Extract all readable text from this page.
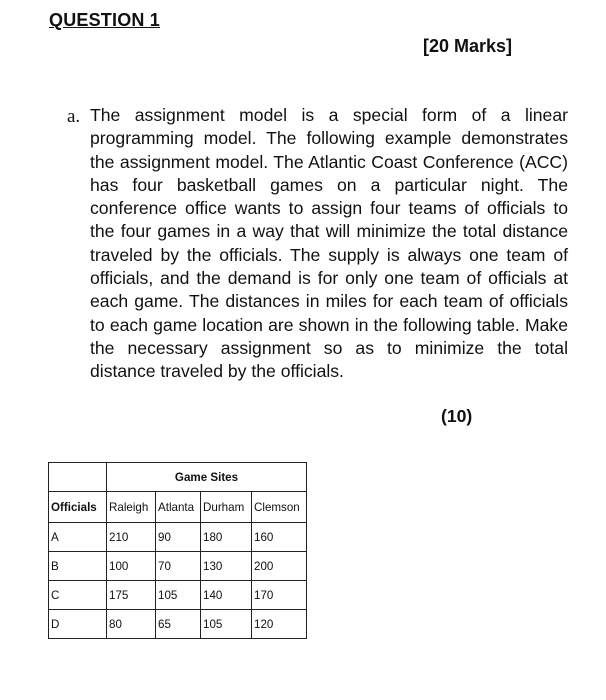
QUESTION 1
[20 Marks]
a. The assignment model is a special form of a linear programming model. The following example demonstrates the assignment model. The Atlantic Coast Conference (ACC) has four basketball games on a particular night. The conference office wants to assign four teams of officials to the four games in a way that will minimize the total distance traveled by the officials. The supply is always one team of officials, and the demand is for only one team of officials at each game. The distances in miles for each team of officials to each game location are shown in the following table. Make the necessary assignment so as to minimize the total distance traveled by the officials.
(10)
	Game Sites			
Officials	Raleigh	Atlanta	Durham	Clemson
A	210	90	180	160
B	100	70	130	200
C	175	105	140	170
D	80	65	105	120
